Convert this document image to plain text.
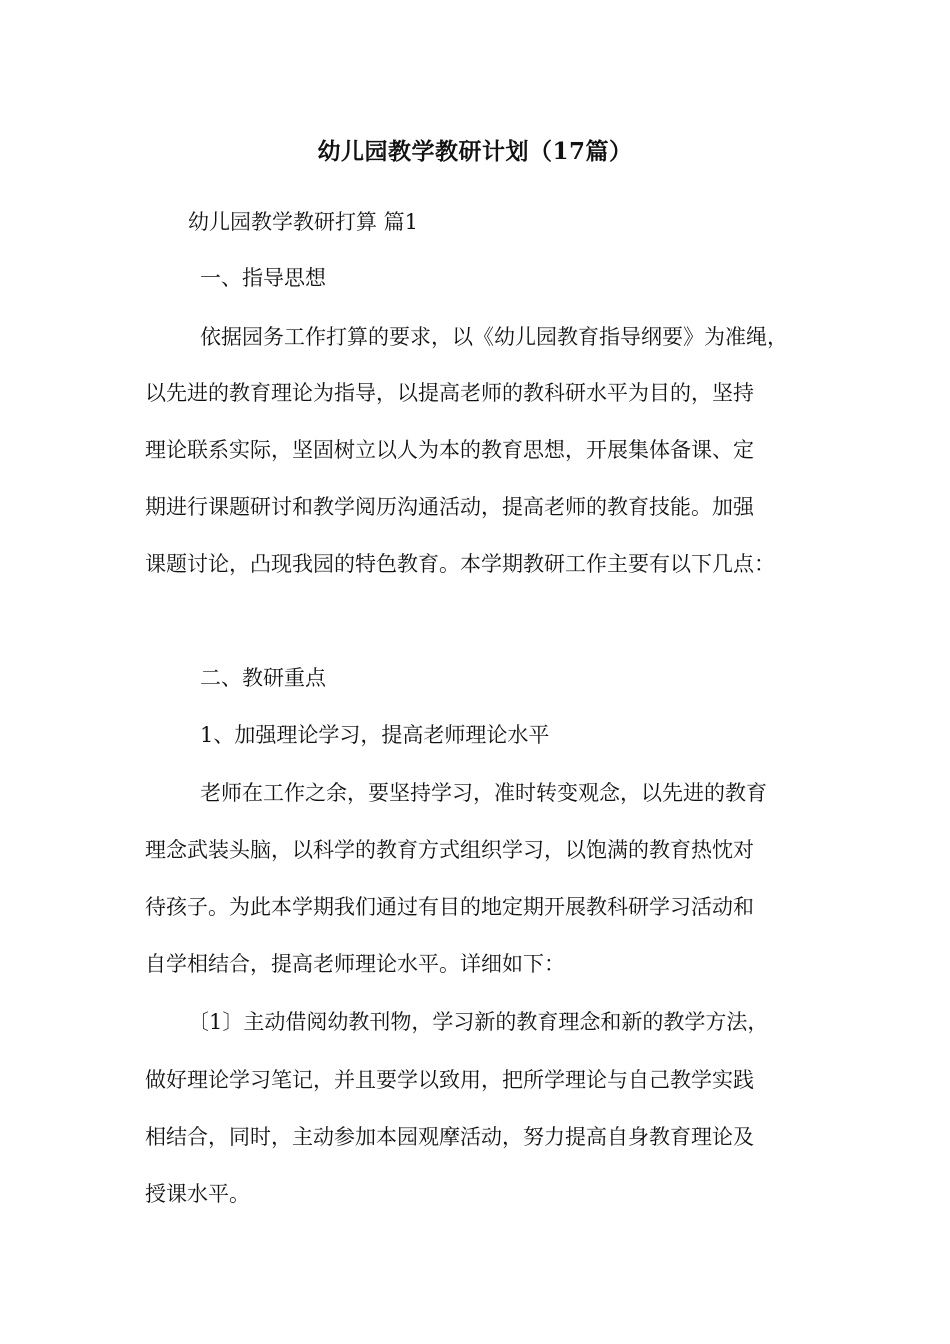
幼儿园教学教研计划（17篇）
幼儿园教学教研打算 篇1
一、指导思想
依据园务工作打算的要求，以《幼儿园教育指导纲要》为准绳，
以先进的教育理论为指导，以提高老师的教科研水平为目的，坚持
理论联系实际，坚固树立以人为本的教育思想，开展集体备课、定
期进行课题研讨和教学阅历沟通活动，提高老师的教育技能。加强
课题讨论，凸现我园的特色教育。本学期教研工作主要有以下几点：
二、教研重点
1、加强理论学习，提高老师理论水平
老师在工作之余，要坚持学习，准时转变观念，以先进的教育
理念武装头脑，以科学的教育方式组织学习，以饱满的教育热忱对
待孩子。为此本学期我们通过有目的地定期开展教科研学习活动和
自学相结合，提高老师理论水平。详细如下：
〔1〕主动借阅幼教刊物，学习新的教育理念和新的教学方法，
做好理论学习笔记，并且要学以致用，把所学理论与自己教学实践
相结合，同时，主动参加本园观摩活动，努力提高自身教育理论及
授课水平。
